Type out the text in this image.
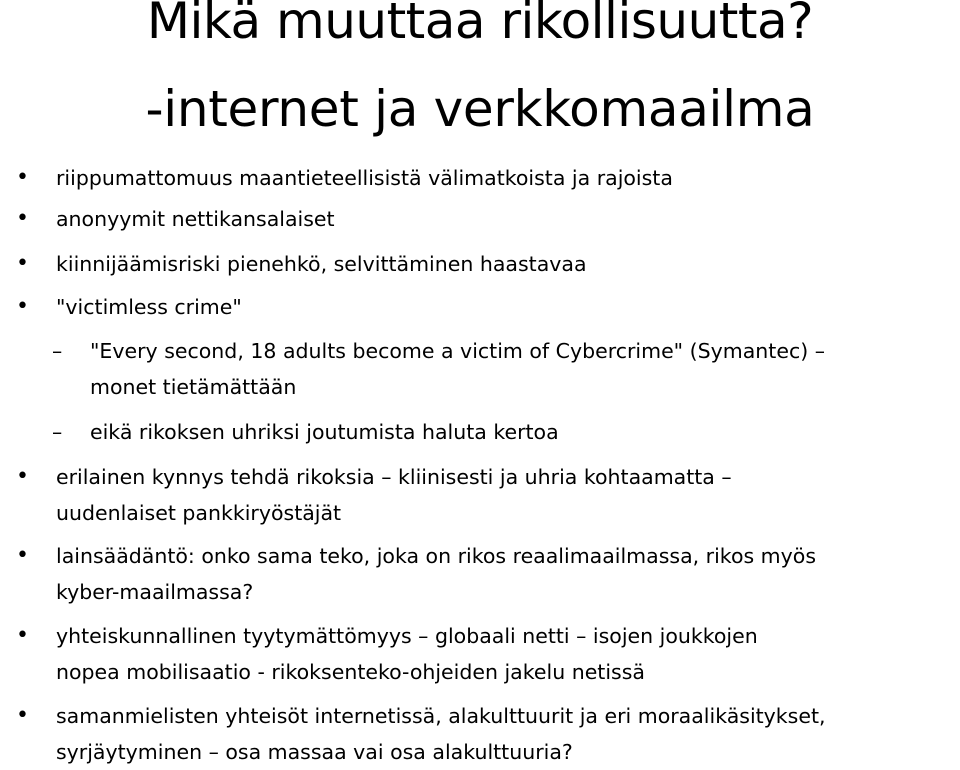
Mikä muuttaa rikollisuutta?
-internet ja verkkomaailma
• riippumattomuus maantieteellisistä välimatkoista ja rajoista
• anonyymit nettikansalaiset
• kiinnijäämisriski pienehkö, selvittäminen haastavaa
• "victimless crime"
– "Every second, 18 adults become a victim of Cybercrime" (Symantec) –
monet tietämättään
– eikä rikoksen uhriksi joutumista haluta kertoa
• erilainen kynnys tehdä rikoksia – kliinisesti ja uhria kohtaamatta –
uudenlaiset pankkiryöstäjät
• lainsäädäntö: onko sama teko, joka on rikos reaalimaailmassa, rikos myös
kyber-maailmassa?
• yhteiskunnallinen tyytymättömyys – globaali netti – isojen joukkojen
nopea mobilisaatio - rikoksenteko-ohjeiden jakelu netissä
• samanmielisten yhteisöt internetissä, alakulttuurit ja eri moraalikäsitykset,
syrjäytyminen – osa massaa vai osa alakulttuuria?
